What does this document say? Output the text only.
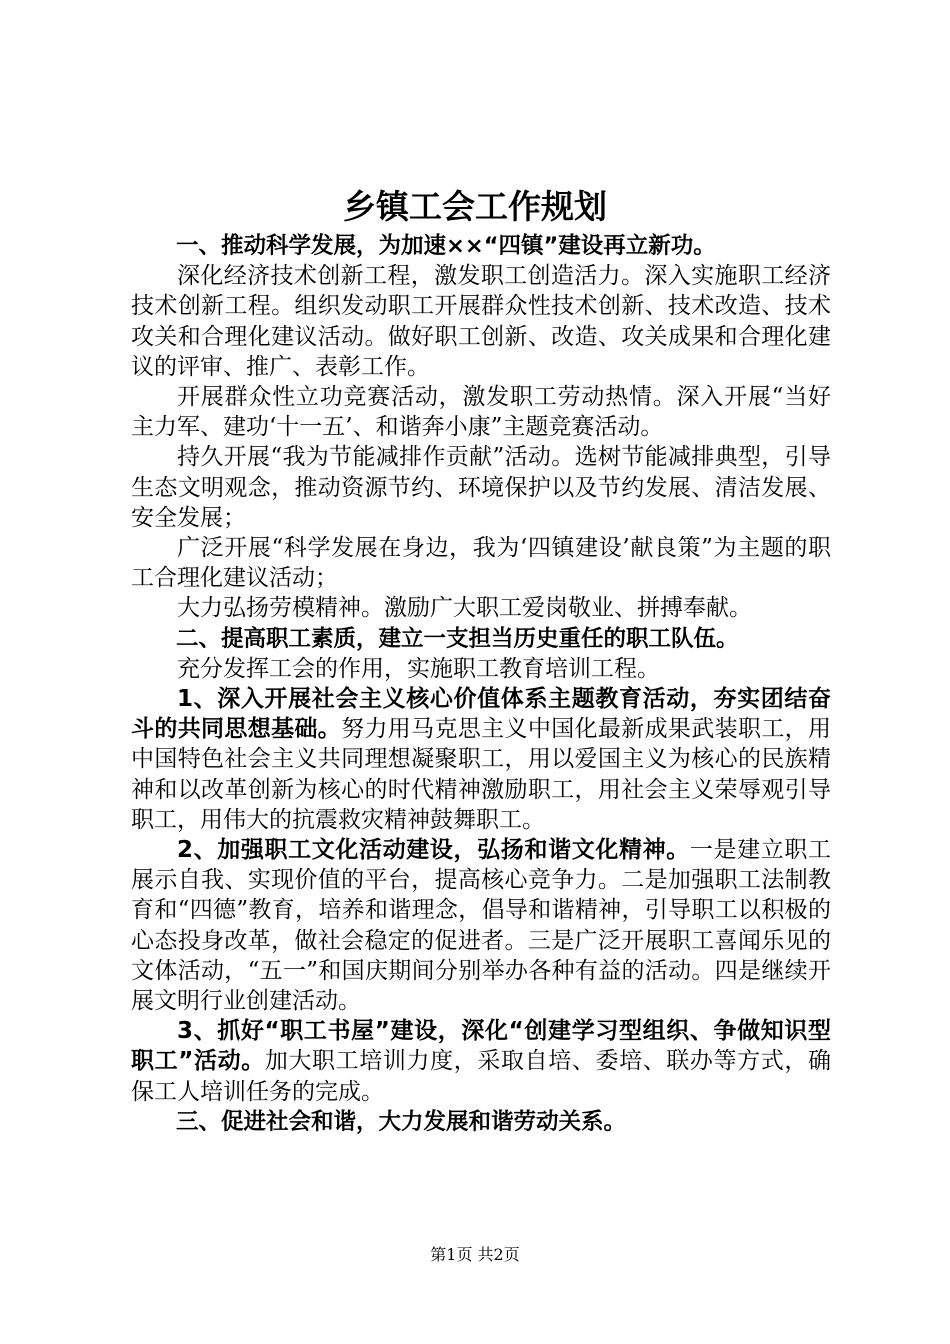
乡镇工会工作规划

一、推动科学发展，为加速××“四镇”建设再立新功。

深化经济技术创新工程，激发职工创造活力。深入实施职工经济技术创新工程。组织发动职工开展群众性技术创新、技术改造、技术攻关和合理化建议活动。做好职工创新、改造、攻关成果和合理化建议的评审、推广、表彰工作。

开展群众性立功竞赛活动，激发职工劳动热情。深入开展“当好主力军、建功‘十一五’、和谐奔小康”主题竞赛活动。

持久开展“我为节能减排作贡献”活动。选树节能减排典型，引导生态文明观念，推动资源节约、环境保护以及节约发展、清洁发展、安全发展；

广泛开展“科学发展在身边，我为‘四镇建设’献良策”为主题的职工合理化建议活动；

大力弘扬劳模精神。激励广大职工爱岗敬业、拼搏奉献。

二、提高职工素质，建立一支担当历史重任的职工队伍。

充分发挥工会的作用，实施职工教育培训工程。

1、深入开展社会主义核心价值体系主题教育活动，夯实团结奋斗的共同思想基础。努力用马克思主义中国化最新成果武装职工，用中国特色社会主义共同理想凝聚职工，用以爱国主义为核心的民族精神和以改革创新为核心的时代精神激励职工，用社会主义荣辱观引导职工，用伟大的抗震救灾精神鼓舞职工。

2、加强职工文化活动建设，弘扬和谐文化精神。一是建立职工展示自我、实现价值的平台，提高核心竞争力。二是加强职工法制教育和“四德”教育，培养和谐理念，倡导和谐精神，引导职工以积极的心态投身改革，做社会稳定的促进者。三是广泛开展职工喜闻乐见的文体活动，“五一”和国庆期间分别举办各种有益的活动。四是继续开展文明行业创建活动。

3、抓好“职工书屋”建设，深化“创建学习型组织、争做知识型职工”活动。加大职工培训力度，采取自培、委培、联办等方式，确保工人培训任务的完成。

三、促进社会和谐，大力发展和谐劳动关系。

第1页 共2页
